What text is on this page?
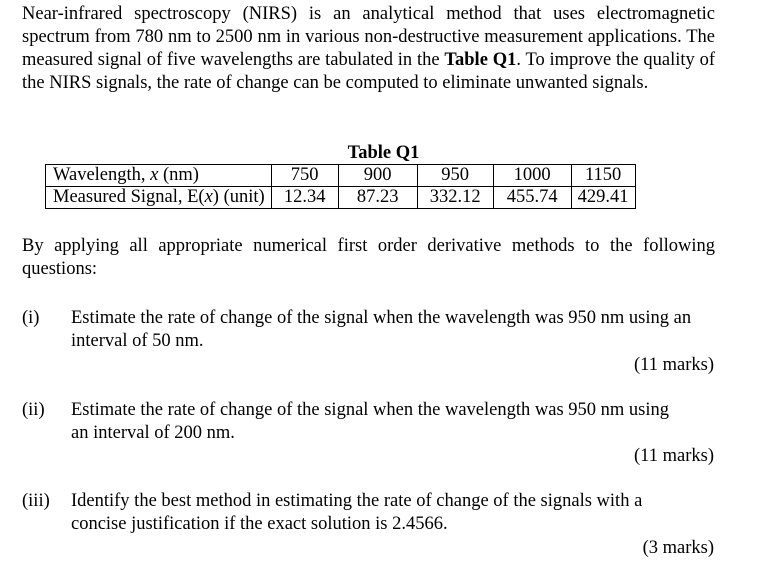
Near-infrared spectroscopy (NIRS) is an analytical method that uses electromagnetic spectrum from 780 nm to 2500 nm in various non-destructive measurement applications. The measured signal of five wavelengths are tabulated in the Table Q1. To improve the quality of the NIRS signals, the rate of change can be computed to eliminate unwanted signals.

Table Q1

Wavelength, x (nm)	750	900	950	1000	1150
Measured Signal, E(x) (unit)	12.34	87.23	332.12	455.74	429.41

By applying all appropriate numerical first order derivative methods to the following questions:

(i) Estimate the rate of change of the signal when the wavelength was 950 nm using an interval of 50 nm.
(11 marks)
(ii) Estimate the rate of change of the signal when the wavelength was 950 nm using an interval of 200 nm.
(11 marks)
(iii) Identify the best method in estimating the rate of change of the signals with a concise justification if the exact solution is 2.4566.
(3 marks)
